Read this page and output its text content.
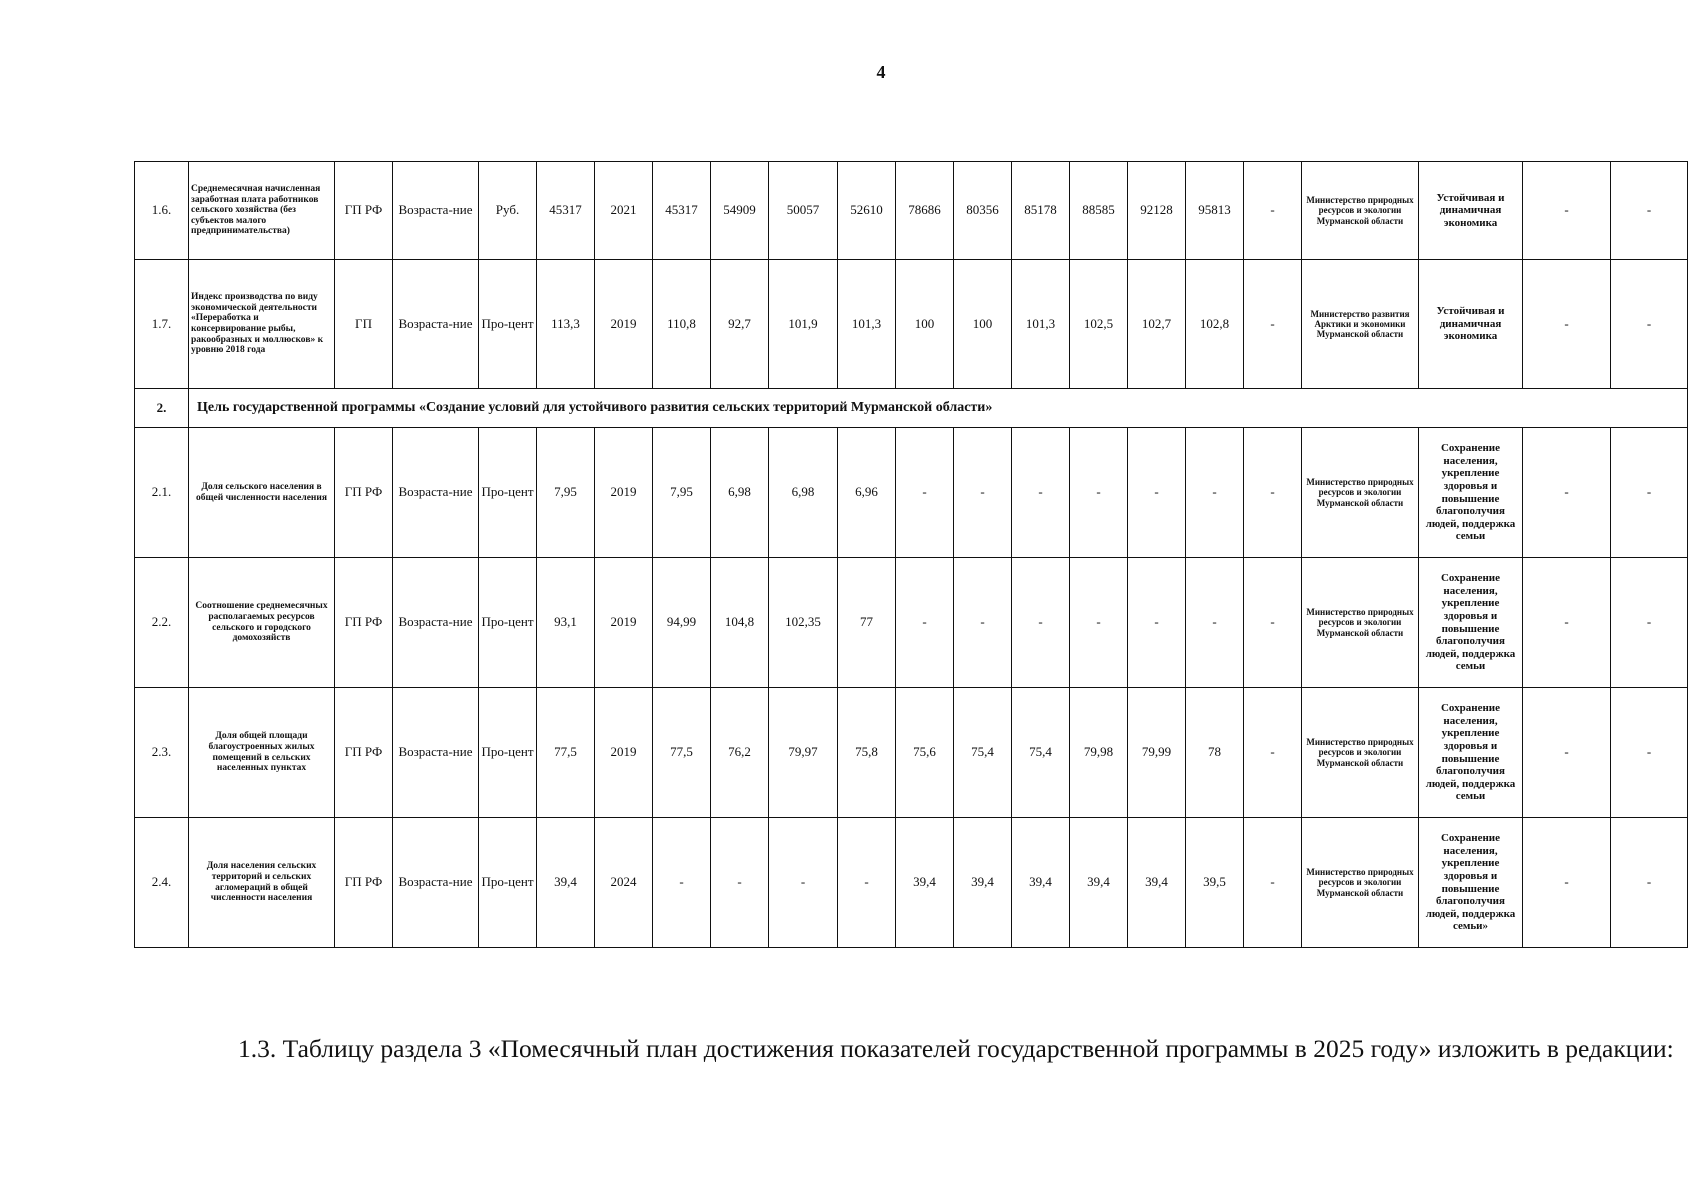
4
1.6.	Среднемесячная начисленная заработная плата работников сельского хозяйства (без субъектов малого предпринимательства)	ГП РФ	Возраста-ние	Руб.	45317	2021	45317	54909	50057	52610	78686	80356	85178	88585	92128	95813	-	Министерство природных ресурсов и экологии Мурманской области	Устойчивая и динамичная экономика	-	-
1.7.	Индекс производства по виду экономической деятельности «Переработка и консервирование рыбы, ракообразных и моллюсков» к уровню 2018 года	ГП	Возраста-ние	Про-цент	113,3	2019	110,8	92,7	101,9	101,3	100	100	101,3	102,5	102,7	102,8	-	Министерство развития Арктики и экономики Мурманской области	Устойчивая и динамичная экономика	-	-
2.	Цель государственной программы «Создание условий для устойчивого развития сельских территорий Мурманской области»																				
2.1.	Доля сельского населения в общей численности населения	ГП РФ	Возраста-ние	Про-цент	7,95	2019	7,95	6,98	6,98	6,96	-	-	-	-	-	-	-	Министерство природных ресурсов и экологии Мурманской области	Сохранение населения, укрепление здоровья и повышение благополучия людей, поддержка семьи	-	-
2.2.	Соотношение среднемесячных располагаемых ресурсов сельского и городского домохозяйств	ГП РФ	Возраста-ние	Про-цент	93,1	2019	94,99	104,8	102,35	77	-	-	-	-	-	-	-	Министерство природных ресурсов и экологии Мурманской области	Сохранение населения, укрепление здоровья и повышение благополучия людей, поддержка семьи	-	-
2.3.	Доля общей площади благоустроенных жилых помещений в сельских населенных пунктах	ГП РФ	Возраста-ние	Про-цент	77,5	2019	77,5	76,2	79,97	75,8	75,6	75,4	75,4	79,98	79,99	78	-	Министерство природных ресурсов и экологии Мурманской области	Сохранение населения, укрепление здоровья и повышение благополучия людей, поддержка семьи	-	-
2.4.	Доля населения сельских территорий и сельских агломераций в общей численности населения	ГП РФ	Возраста-ние	Про-цент	39,4	2024	-	-	-	-	39,4	39,4	39,4	39,4	39,4	39,5	-	Министерство природных ресурсов и экологии Мурманской области	Сохранение населения, укрепление здоровья и повышение благополучия людей, поддержка семьи»	-	-
1.3. Таблицу раздела 3 «Помесячный план достижения показателей государственной программы в 2025 году» изложить в редакции:
